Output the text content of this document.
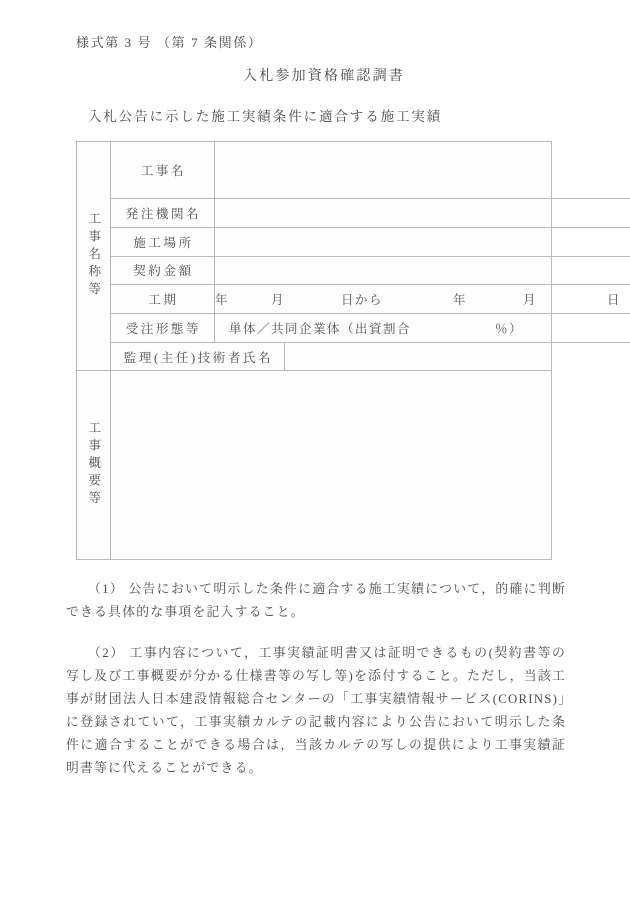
様式第 3 号 （第 7 条関係）
入札参加資格確認調書
入札公告に示した施工実績条件に適合する施工実績
工事名称等
工事名
発注機関名
施工場所
契約金額
工期	年　　　月　　　　日から　　　　　年　　　　月　　　　　日
受注形態等	単体／共同企業体（出資割合　　　　　　％）
監理(主任)技術者氏名
工事概要等

（1） 公告において明示した条件に適合する施工実績について，的確に判断できる具体的な事項を記入すること。

（2） 工事内容について，工事実績証明書又は証明できるもの(契約書等の写し及び工事概要が分かる仕様書等の写し等)を添付すること。ただし，当該工事が財団法人日本建設情報総合センターの「工事実績情報サービス(CORINS)」に登録されていて，工事実績カルテの記載内容により公告において明示した条件に適合することができる場合は，当該カルテの写しの提供により工事実績証明書等に代えることができる。
